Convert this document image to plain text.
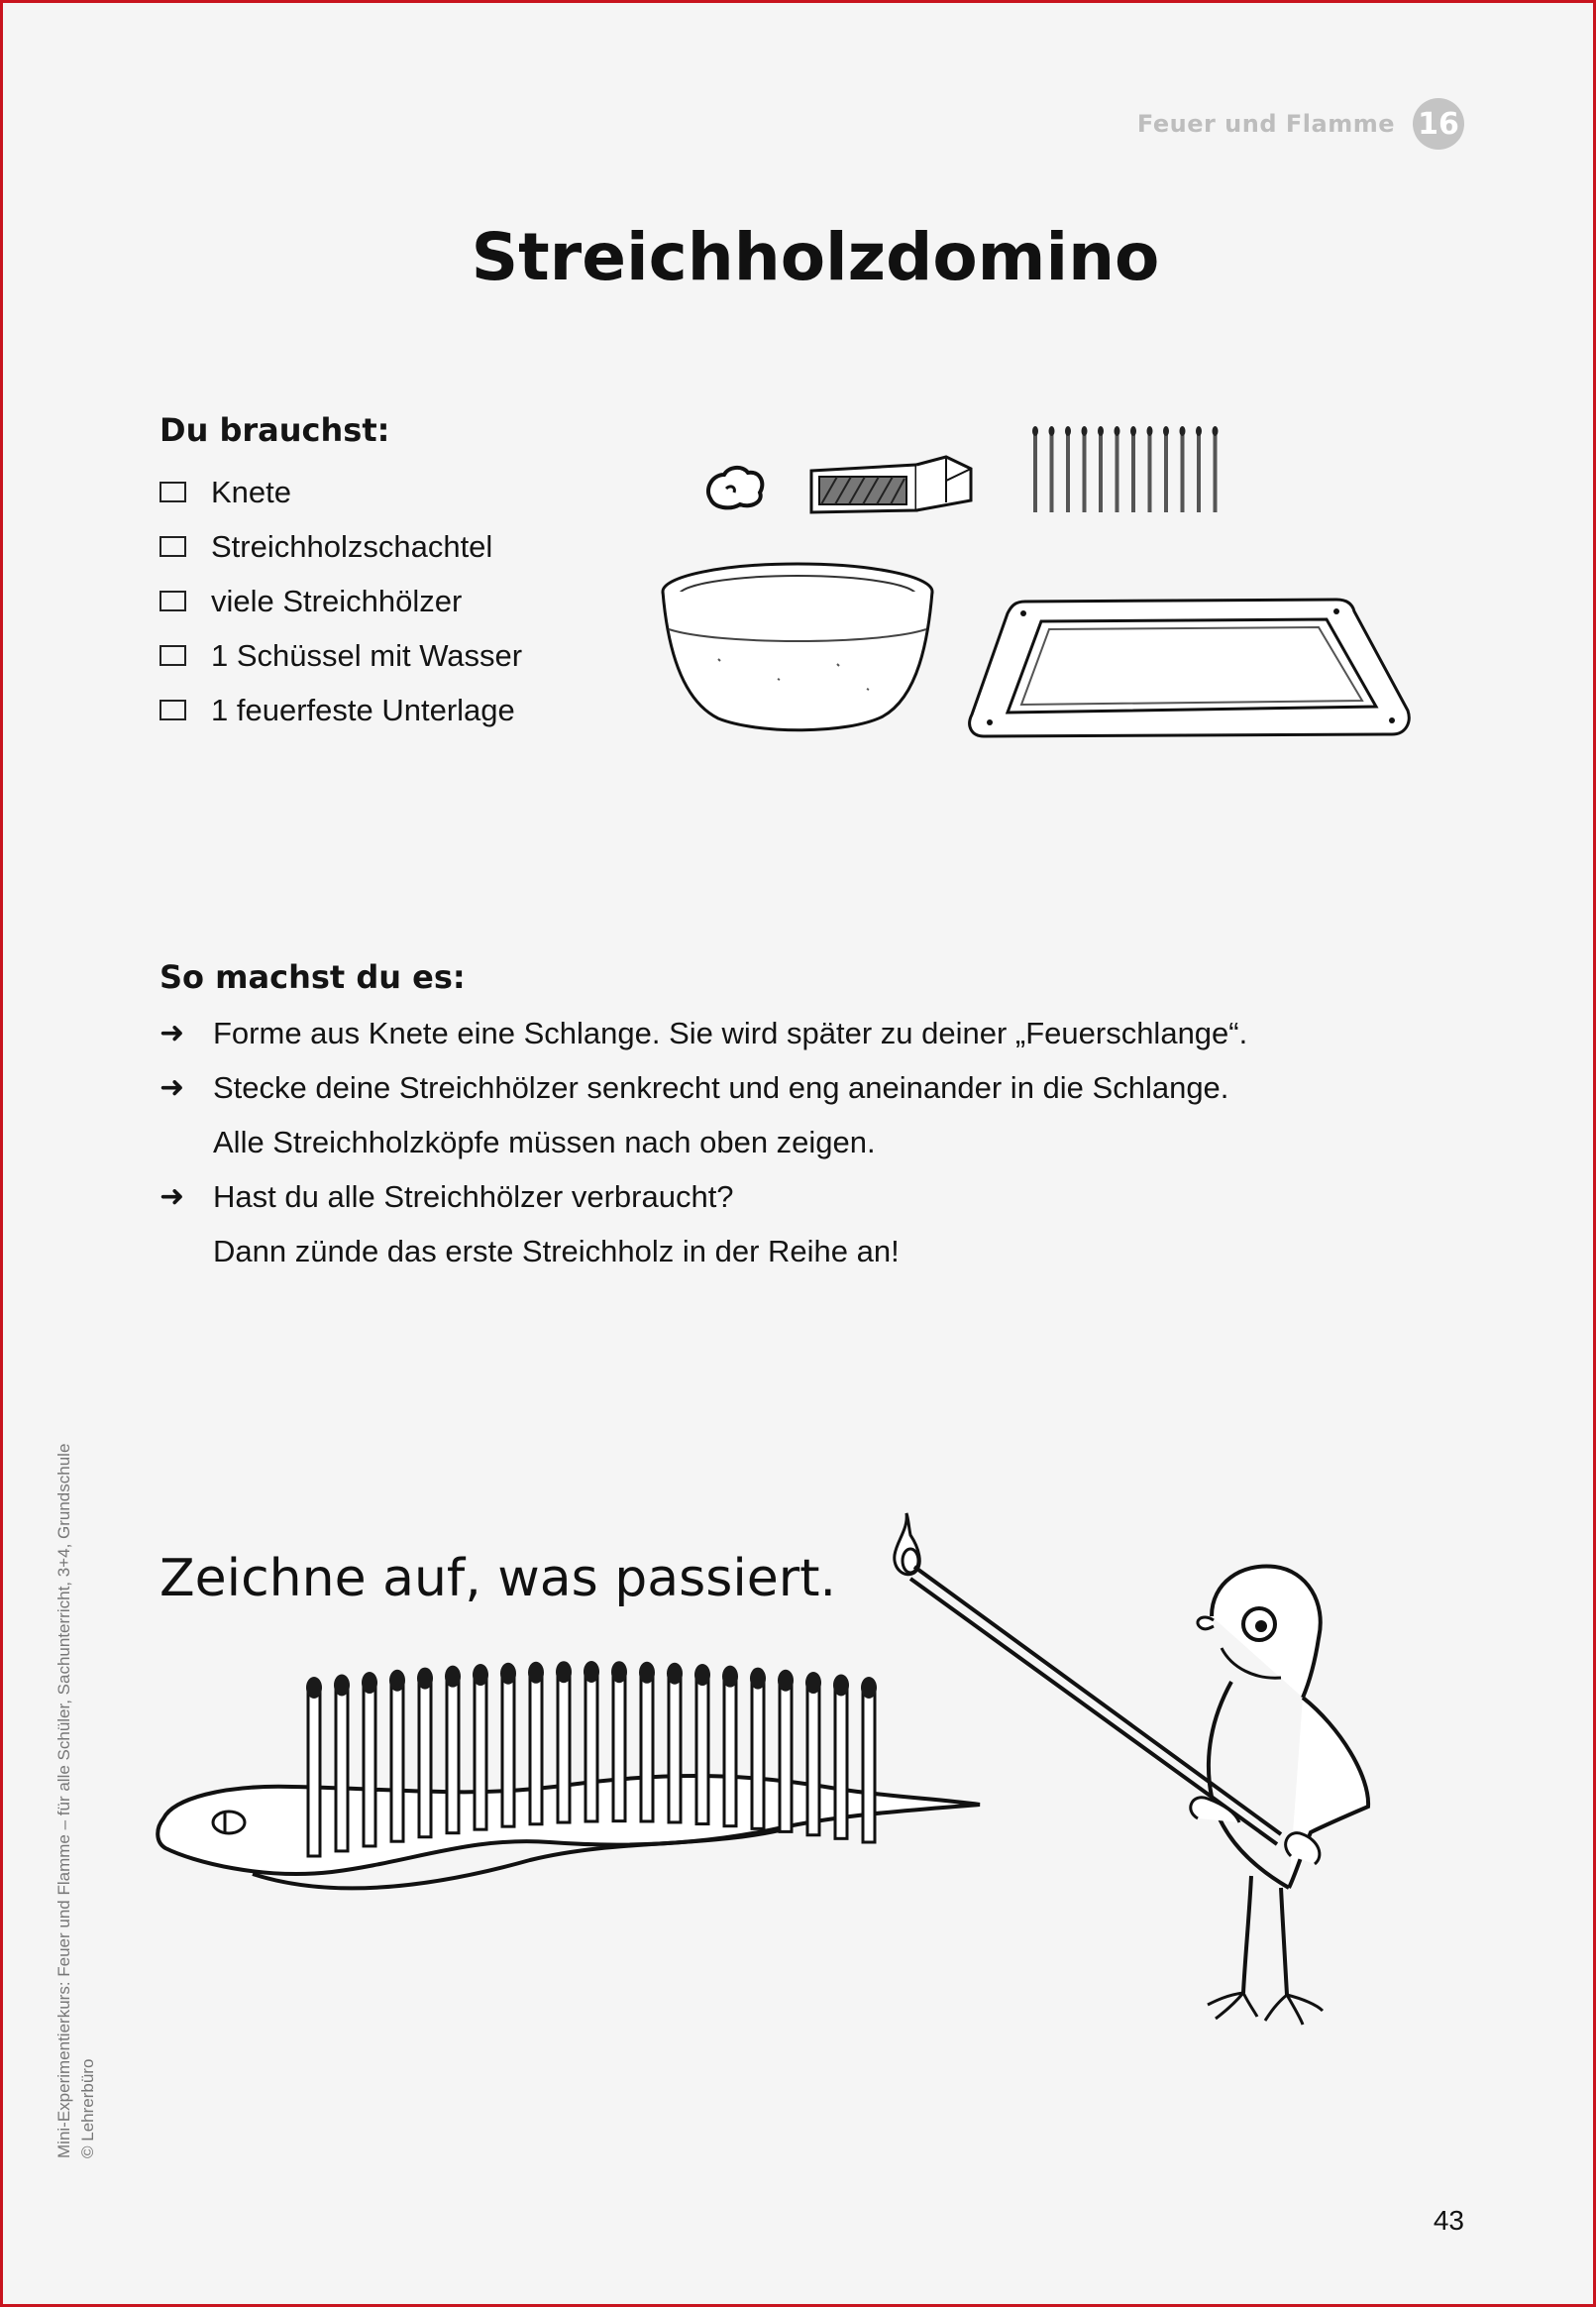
Feuer und Flamme 16
Streichholzdomino
Du brauchst:
Knete
Streichholzschachtel
viele Streichhölzer
1 Schüssel mit Wasser
1 feuerfeste Unterlage
So machst du es:
➜ Forme aus Knete eine Schlange. Sie wird später zu deiner „Feuerschlange“.
➜ Stecke deine Streichhölzer senkrecht und eng aneinander in die Schlange.
Alle Streichholzköpfe müssen nach oben zeigen.
➜ Hast du alle Streichhölzer verbraucht?
Dann zünde das erste Streichholz in der Reihe an!
Zeichne auf, was passiert.
Mini-Experimentierkurs: Feuer und Flamme – für alle Schüler, Sachunterricht, 3+4, Grundschule © Lehrerbüro
43
